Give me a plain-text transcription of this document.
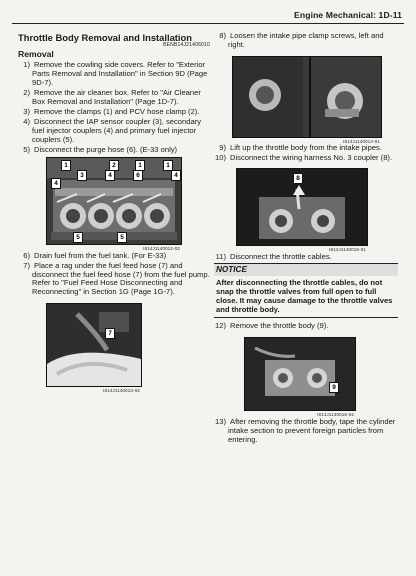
Engine Mechanical: 1D-11
Throttle Body Removal and Installation
BENB14J21406010
Removal
1) Remove the cowling side covers. Refer to "Exterior Parts Removal and Installation" in Section 9D (Page 9D-7).
2) Remove the air cleaner box. Refer to "Air Cleaner Box Removal and Installation" (Page 1D-7).
3) Remove the clamps (1) and PCV hose clamp (2).
4) Disconnect the IAP sensor coupler (3), secondary fuel injector couplers (4) and primary fuel injector couplers (5).
5) Disconnect the purge hose (6). (E-33 only)
1	2	1	1
3
4
4	6	4
5	5
I814J1140012-02
6) Drain fuel from the fuel tank. (For E-33)
7) Place a rag under the fuel feed hose (7) and disconnect the fuel feed hose (7) from the fuel pump. Refer to "Fuel Feed Hose Disconnecting and Reconnecting" in Section 1G (Page 1G-7).
7
I814J1140013-02
8) Loosen the intake pipe clamp screws, left and right.
I814J1140014-01
9) Lift up the throttle body from the intake pipes.
10) Disconnect the wiring harness No. 3 coupler (8).
8
I814J1140015-01
11) Disconnect the throttle cables.
NOTICE
After disconnecting the throttle cables, do not snap the throttle valves from full open to full close. It may cause damage to the throttle valves and throttle body.
12) Remove the throttle body (9).
9
I814J1140016-02
13) After removing the throttle body, tape the cylinder intake section to prevent foreign particles from entering.
